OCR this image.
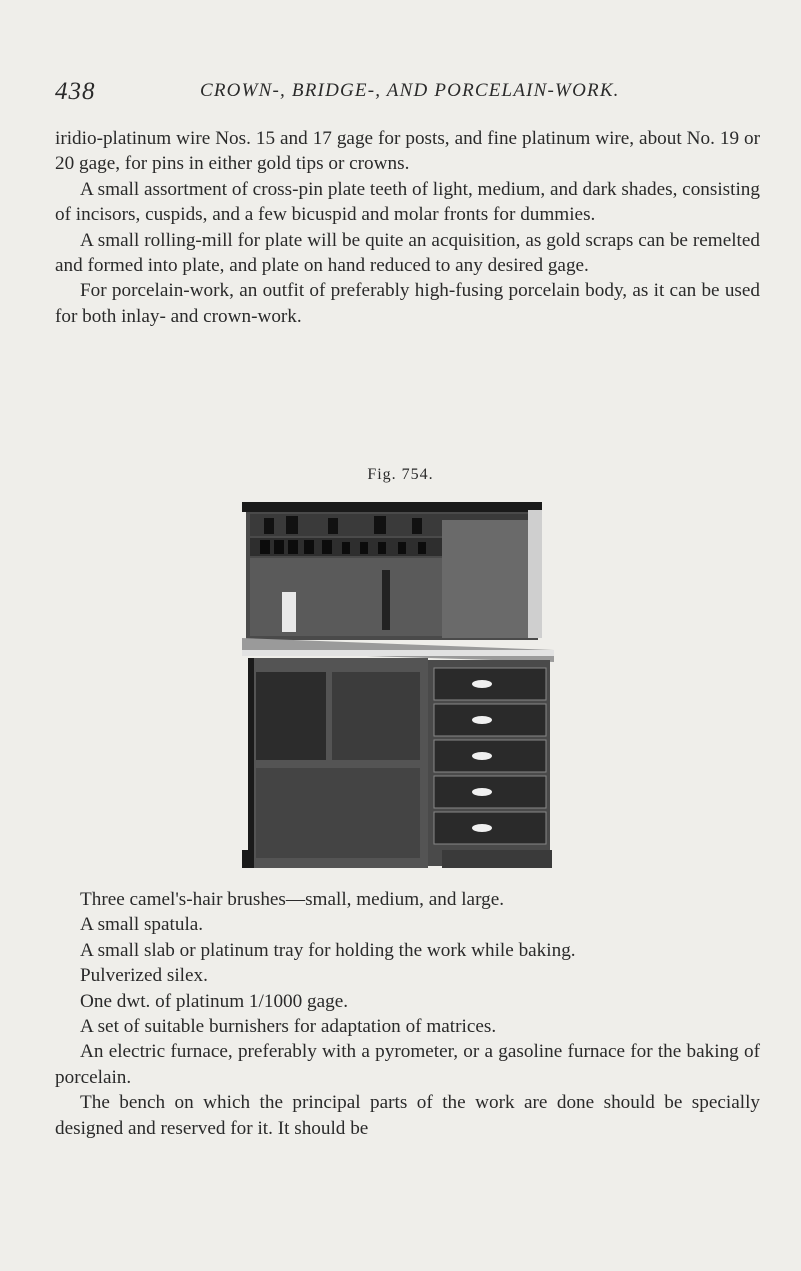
438	CROWN-, BRIDGE-, AND PORCELAIN-WORK.

iridio-platinum wire Nos. 15 and 17 gage for posts, and fine platinum wire, about No. 19 or 20 gage, for pins in either gold tips or crowns.

A small assortment of cross-pin plate teeth of light, medium, and dark shades, consisting of incisors, cuspids, and a few bicuspid and molar fronts for dummies.

A small rolling-mill for plate will be quite an acquisition, as gold scraps can be remelted and formed into plate, and plate on hand reduced to any desired gage.

For porcelain-work, an outfit of preferably high-fusing porcelain body, as it can be used for both inlay- and crown-work.

Fig. 754.

Three camel's-hair brushes—small, medium, and large.

A small spatula.

A small slab or platinum tray for holding the work while baking.

Pulverized silex.

One dwt. of platinum 1/1000 gage.

A set of suitable burnishers for adaptation of matrices.

An electric furnace, preferably with a pyrometer, or a gasoline furnace for the baking of porcelain.

The bench on which the principal parts of the work are done should be specially designed and reserved for it. It should be
